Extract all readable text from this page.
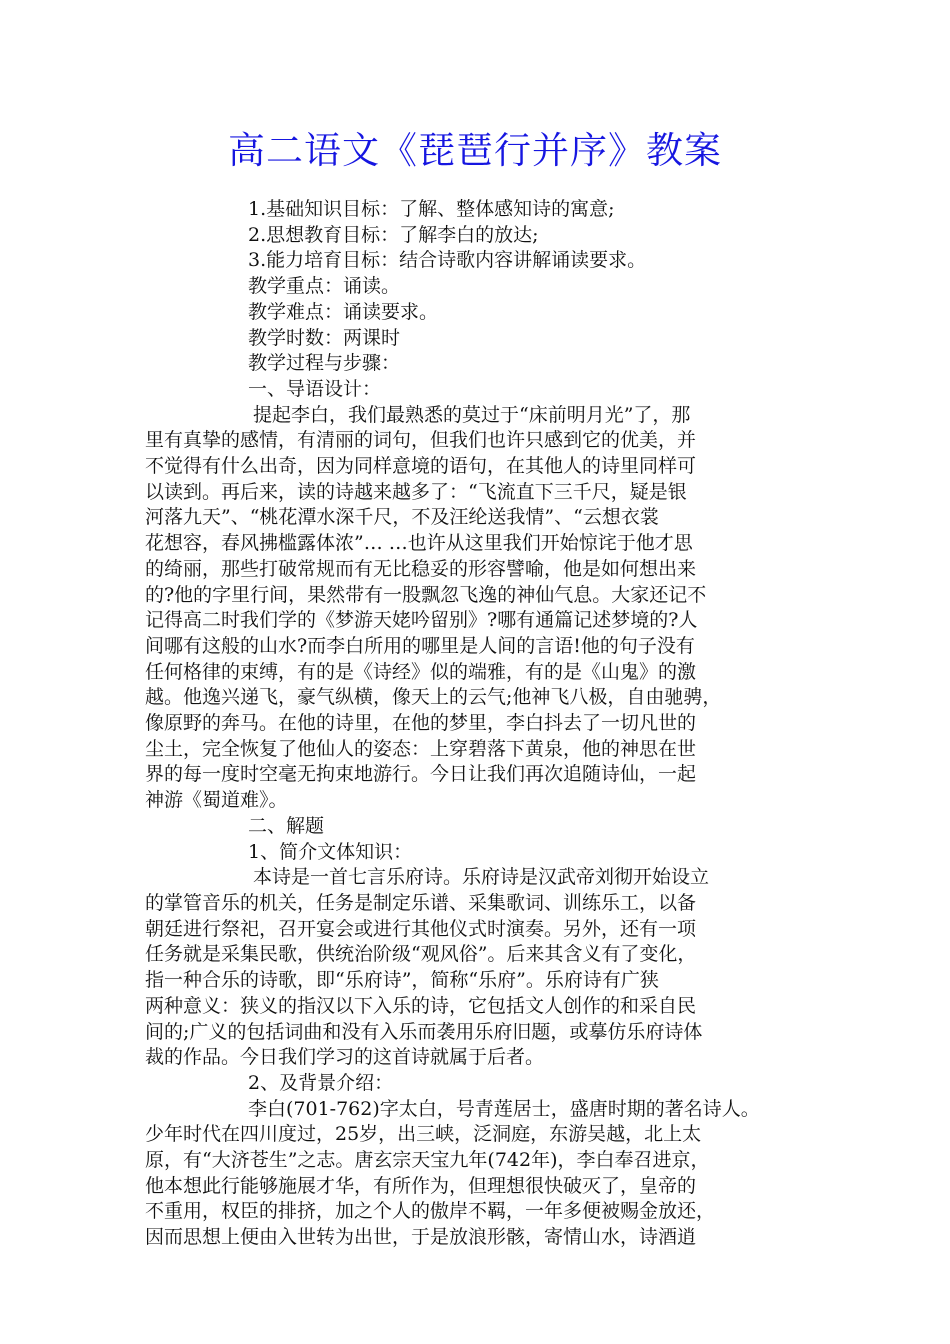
高二语文《琵琶行并序》教案
1.基础知识目标：了解、整体感知诗的寓意;
2.思想教育目标：了解李白的放达;
3.能力培育目标：结合诗歌内容讲解诵读要求。
教学重点：诵读。
教学难点：诵读要求。
教学时数：两课时
教学过程与步骤：
一、导语设计：
提起李白，我们最熟悉的莫过于“床前明月光”了，那
里有真挚的感情，有清丽的词句，但我们也许只感到它的优美，并
不觉得有什么出奇，因为同样意境的语句，在其他人的诗里同样可
以读到。再后来，读的诗越来越多了：“飞流直下三千尺，疑是银
河落九天”、“桃花潭水深千尺，不及汪纶送我情”、“云想衣裳
花想容，春风拂槛露体浓”… …也许从这里我们开始惊诧于他才思
的绮丽，那些打破常规而有无比稳妥的形容譬喻，他是如何想出来
的?他的字里行间，果然带有一股飘忽飞逸的神仙气息。大家还记不
记得高二时我们学的《梦游天姥吟留别》?哪有通篇记述梦境的?人
间哪有这般的山水?而李白所用的哪里是人间的言语!他的句子没有
任何格律的束缚，有的是《诗经》似的端雅，有的是《山鬼》的激
越。他逸兴递飞，豪气纵横，像天上的云气;他神飞八极，自由驰骋，
像原野的奔马。在他的诗里，在他的梦里，李白抖去了一切凡世的
尘土，完全恢复了他仙人的姿态：上穿碧落下黄泉，他的神思在世
界的每一度时空毫无拘束地游行。今日让我们再次追随诗仙，一起
神游《蜀道难》。
二、解题
1、简介文体知识：
本诗是一首七言乐府诗。乐府诗是汉武帝刘彻开始设立
的掌管音乐的机关，任务是制定乐谱、采集歌词、训练乐工，以备
朝廷进行祭祀，召开宴会或进行其他仪式时演奏。另外，还有一项
任务就是采集民歌，供统治阶级“观风俗”。后来其含义有了变化，
指一种合乐的诗歌，即“乐府诗”，简称“乐府”。乐府诗有广狭
两种意义：狭义的指汉以下入乐的诗，它包括文人创作的和采自民
间的;广义的包括词曲和没有入乐而袭用乐府旧题，或摹仿乐府诗体
裁的作品。今日我们学习的这首诗就属于后者。
2、及背景介绍：
李白(701-762)字太白，号青莲居士，盛唐时期的著名诗人。
少年时代在四川度过，25岁，出三峡，泛洞庭，东游吴越，北上太
原，有“大济苍生”之志。唐玄宗天宝九年(742年)，李白奉召进京，
他本想此行能够施展才华，有所作为，但理想很快破灭了，皇帝的
不重用，权臣的排挤，加之个人的傲岸不羁，一年多便被赐金放还，
因而思想上便由入世转为出世，于是放浪形骸，寄情山水，诗酒逍
